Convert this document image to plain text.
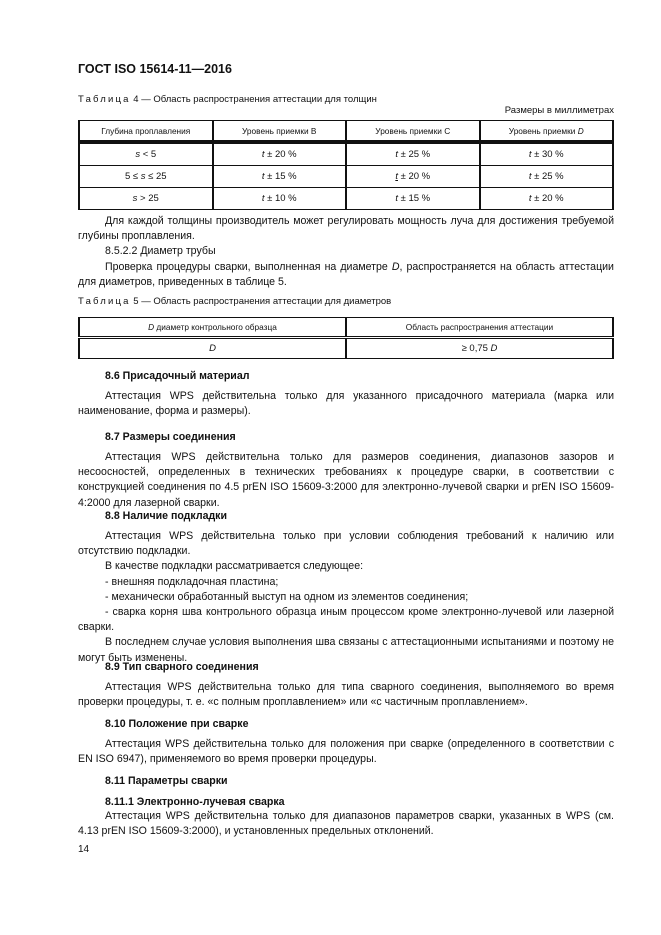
ГОСТ ISO 15614-11—2016
Таблица 4 — Область распространения аттестации для толщин
Размеры в миллиметрах
Глубина проплавления	Уровень приемки B	Уровень приемки C	Уровень приемки D
s < 5	t ± 20 %	t ± 25 %	t ± 30 %
5 ≤ s ≤ 25	t ± 15 %	t ± 20 %	t ± 25 %
s > 25	t ± 10 %	t ± 15 %	t ± 20 %

Для каждой толщины производитель может регулировать мощность луча для достижения требуемой глубины проплавления.

8.5.2.2 Диаметр трубы

Проверка процедуры сварки, выполненная на диаметре D, распространяется на область аттестации для диаметров, приведенных в таблице 5.

Таблица 5 — Область распространения аттестации для диаметров
D диаметр контрольного образца	Область распространения аттестации
D	≥ 0,75 D
8.6 Присадочный материал

Аттестация WPS действительна только для указанного присадочного материала (марка или наименование, форма и размеры).

8.7 Размеры соединения

Аттестация WPS действительна только для размеров соединения, диапазонов зазоров и несоосностей, определенных в технических требованиях к процедуре сварки, в соответствии с конструкцией соединения по 4.5 prEN ISO 15609-3:2000 для электронно-лучевой сварки и prEN ISO 15609-4:2000 для лазерной сварки.

8.8 Наличие подкладки

Аттестация WPS действительна только при условии соблюдения требований к наличию или отсутствию подкладки.

В качестве подкладки рассматривается следующее:

- внешняя подкладочная пластина;

- механически обработанный выступ на одном из элементов соединения;

- сварка корня шва контрольного образца иным процессом кроме электронно-лучевой или лазерной сварки.

В последнем случае условия выполнения шва связаны с аттестационными испытаниями и поэтому не могут быть изменены.

8.9 Тип сварного соединения

Аттестация WPS действительна только для типа сварного соединения, выполняемого во время проверки процедуры, т. е. «с полным проплавлением» или «с частичным проплавлением».

8.10 Положение при сварке

Аттестация WPS действительна только для положения при сварке (определенного в соответствии с EN ISO 6947), применяемого во время проверки процедуры.

8.11 Параметры сварки
8.11.1 Электронно-лучевая сварка

Аттестация WPS действительна только для диапазонов параметров сварки, указанных в WPS (см. 4.13 prEN ISO 15609-3:2000), и установленных предельных отклонений.

14
